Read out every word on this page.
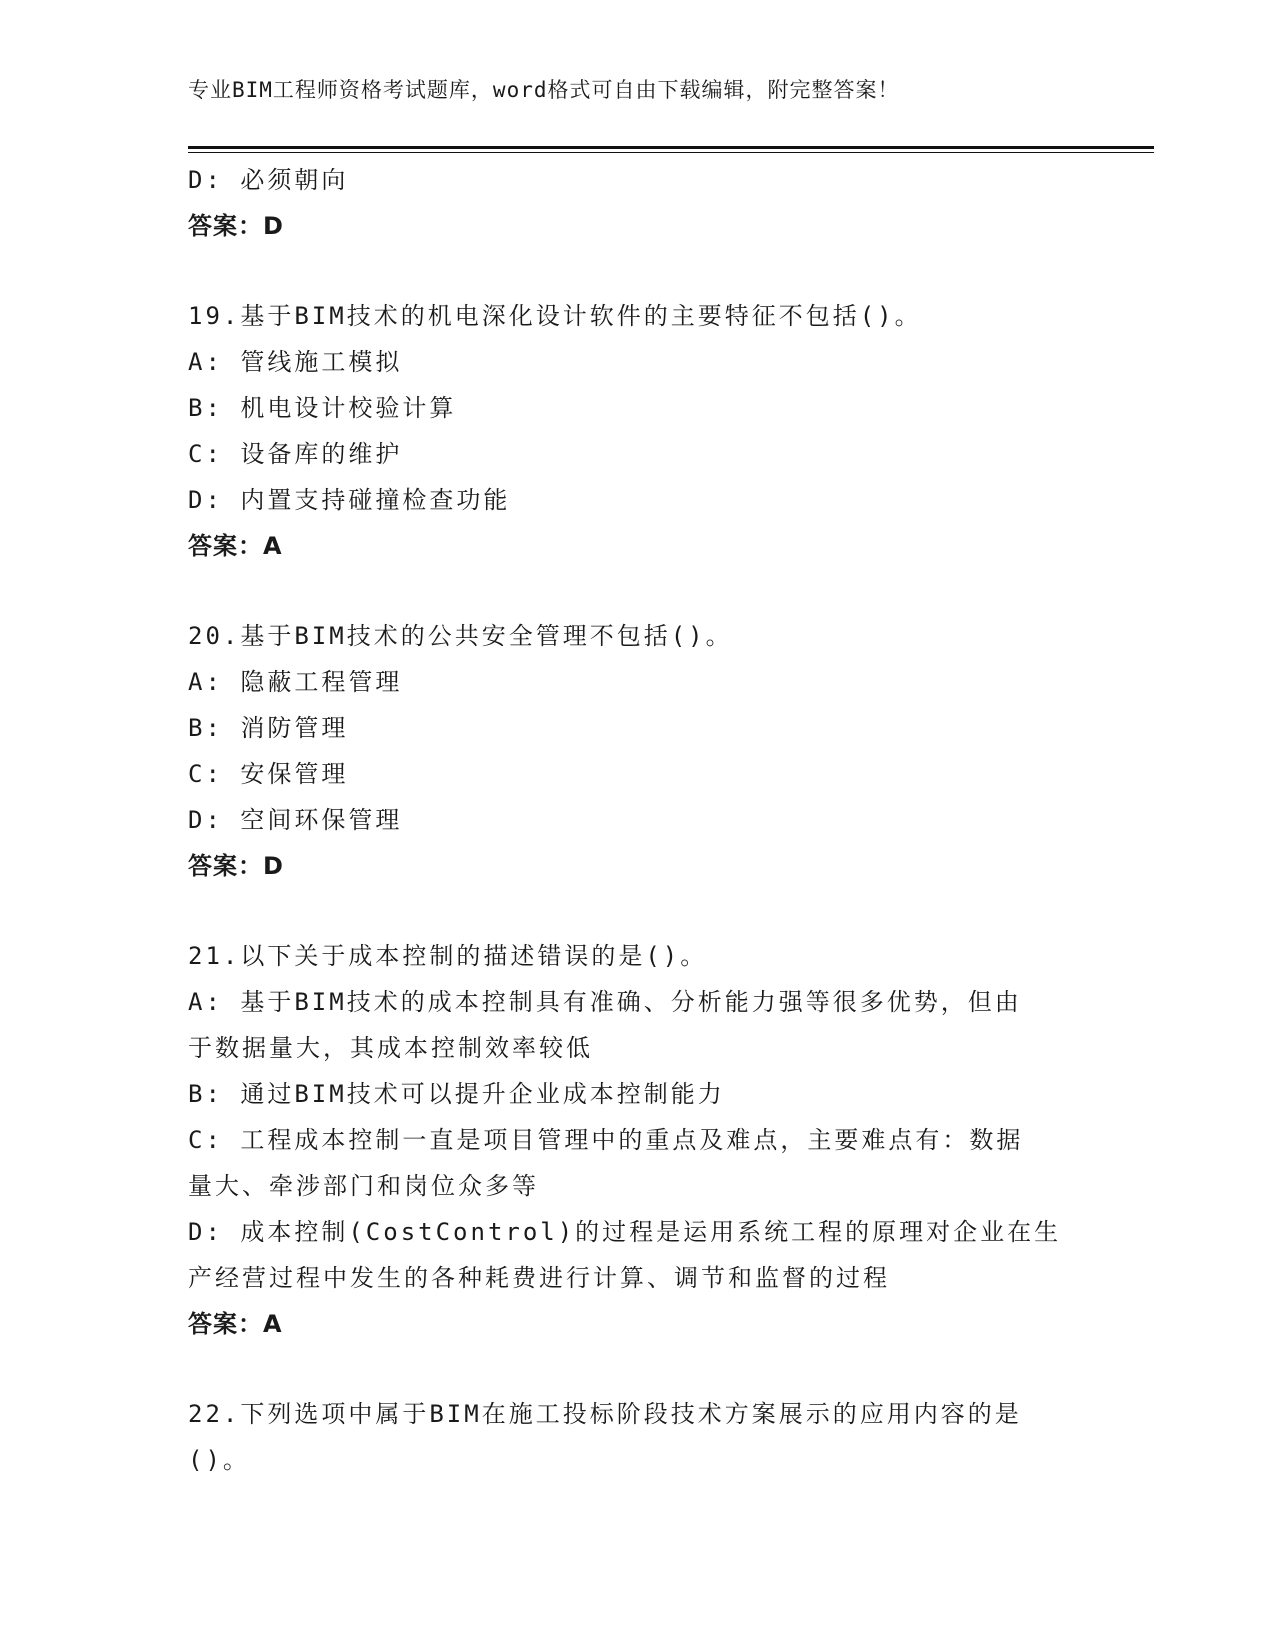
专业BIM工程师资格考试题库，word格式可自由下载编辑，附完整答案！
D: 必须朝向
答案：D
19.基于BIM技术的机电深化设计软件的主要特征不包括()。
A: 管线施工模拟
B: 机电设计校验计算
C: 设备库的维护
D: 内置支持碰撞检查功能
答案：A
20.基于BIM技术的公共安全管理不包括()。
A: 隐蔽工程管理
B: 消防管理
C: 安保管理
D: 空间环保管理
答案：D
21.以下关于成本控制的描述错误的是()。
A: 基于BIM技术的成本控制具有准确、分析能力强等很多优势，但由
于数据量大，其成本控制效率较低
B: 通过BIM技术可以提升企业成本控制能力
C: 工程成本控制一直是项目管理中的重点及难点，主要难点有：数据
量大、牵涉部门和岗位众多等
D: 成本控制(CostControl)的过程是运用系统工程的原理对企业在生
产经营过程中发生的各种耗费进行计算、调节和监督的过程
答案：A
22.下列选项中属于BIM在施工投标阶段技术方案展示的应用内容的是
()。
